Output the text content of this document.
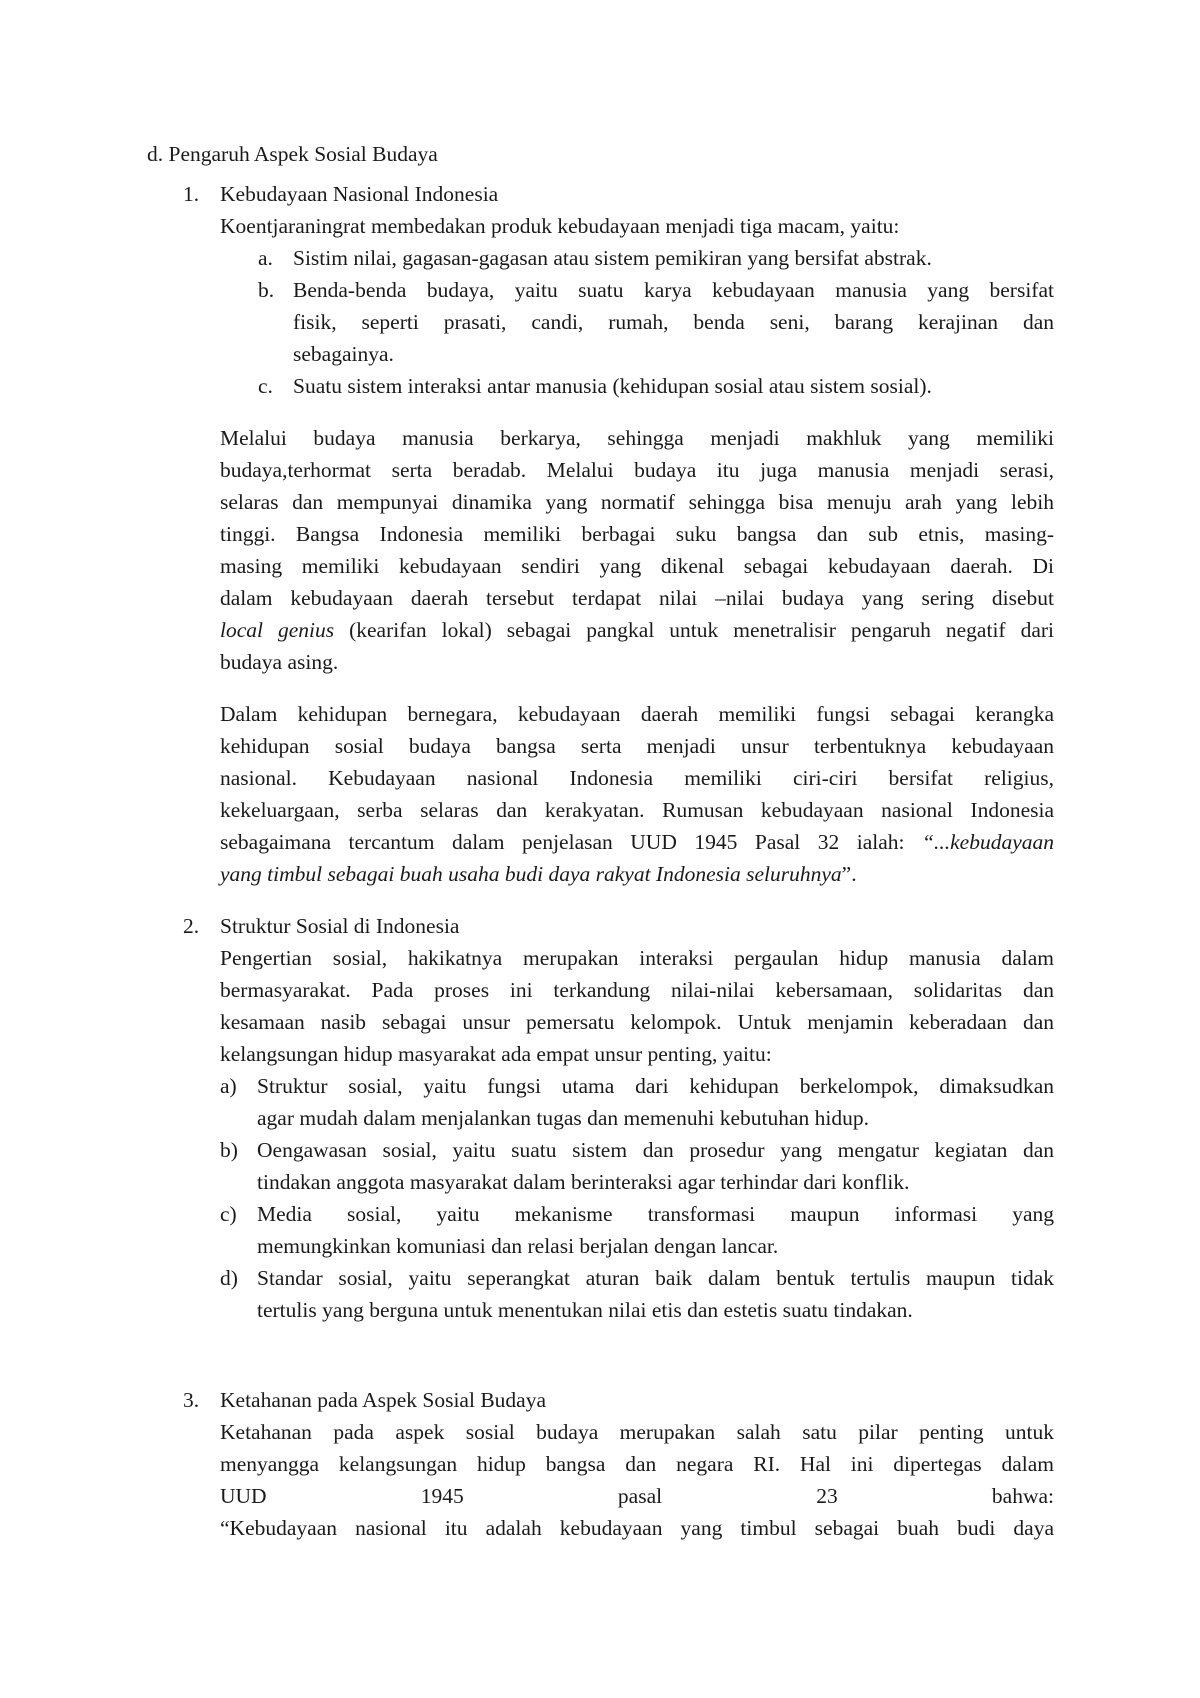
d. Pengaruh Aspek Sosial Budaya
1. Kebudayaan Nasional Indonesia
Koentjaraningrat membedakan produk kebudayaan menjadi tiga macam, yaitu:
a. Sistim nilai, gagasan-gagasan atau sistem pemikiran yang bersifat abstrak.
b. Benda-benda budaya, yaitu suatu karya kebudayaan manusia yang bersifat
fisik, seperti prasati, candi, rumah, benda seni, barang kerajinan dan
sebagainya.
c. Suatu sistem interaksi antar manusia (kehidupan sosial atau sistem sosial).
Melalui budaya manusia berkarya, sehingga menjadi makhluk yang memiliki
budaya,terhormat serta beradab. Melalui budaya itu juga manusia menjadi serasi,
selaras dan mempunyai dinamika yang normatif sehingga bisa menuju arah yang lebih
tinggi. Bangsa Indonesia memiliki berbagai suku bangsa dan sub etnis, masing-
masing memiliki kebudayaan sendiri yang dikenal sebagai kebudayaan daerah. Di
dalam kebudayaan daerah tersebut terdapat nilai –nilai budaya yang sering disebut
local genius (kearifan lokal) sebagai pangkal untuk menetralisir pengaruh negatif dari
budaya asing.
Dalam kehidupan bernegara, kebudayaan daerah memiliki fungsi sebagai kerangka
kehidupan sosial budaya bangsa serta menjadi unsur terbentuknya kebudayaan
nasional. Kebudayaan nasional Indonesia memiliki ciri-ciri bersifat religius,
kekeluargaan, serba selaras dan kerakyatan. Rumusan kebudayaan nasional Indonesia
sebagaimana tercantum dalam penjelasan UUD 1945 Pasal 32 ialah: “...kebudayaan
yang timbul sebagai buah usaha budi daya rakyat Indonesia seluruhnya”.
2. Struktur Sosial di Indonesia
Pengertian sosial, hakikatnya merupakan interaksi pergaulan hidup manusia dalam
bermasyarakat. Pada proses ini terkandung nilai-nilai kebersamaan, solidaritas dan
kesamaan nasib sebagai unsur pemersatu kelompok. Untuk menjamin keberadaan dan
kelangsungan hidup masyarakat ada empat unsur penting, yaitu:
a) Struktur sosial, yaitu fungsi utama dari kehidupan berkelompok, dimaksudkan
agar mudah dalam menjalankan tugas dan memenuhi kebutuhan hidup.
b) Oengawasan sosial, yaitu suatu sistem dan prosedur yang mengatur kegiatan dan
tindakan anggota masyarakat dalam berinteraksi agar terhindar dari konflik.
c) Media sosial, yaitu mekanisme transformasi maupun informasi yang
memungkinkan komuniasi dan relasi berjalan dengan lancar.
d) Standar sosial, yaitu seperangkat aturan baik dalam bentuk tertulis maupun tidak
tertulis yang berguna untuk menentukan nilai etis dan estetis suatu tindakan.
3. Ketahanan pada Aspek Sosial Budaya
Ketahanan pada aspek sosial budaya merupakan salah satu pilar penting untuk
menyangga kelangsungan hidup bangsa dan negara RI. Hal ini dipertegas dalam
UUD 1945 pasal 23 bahwa:
“Kebudayaan nasional itu adalah kebudayaan yang timbul sebagai buah budi daya
